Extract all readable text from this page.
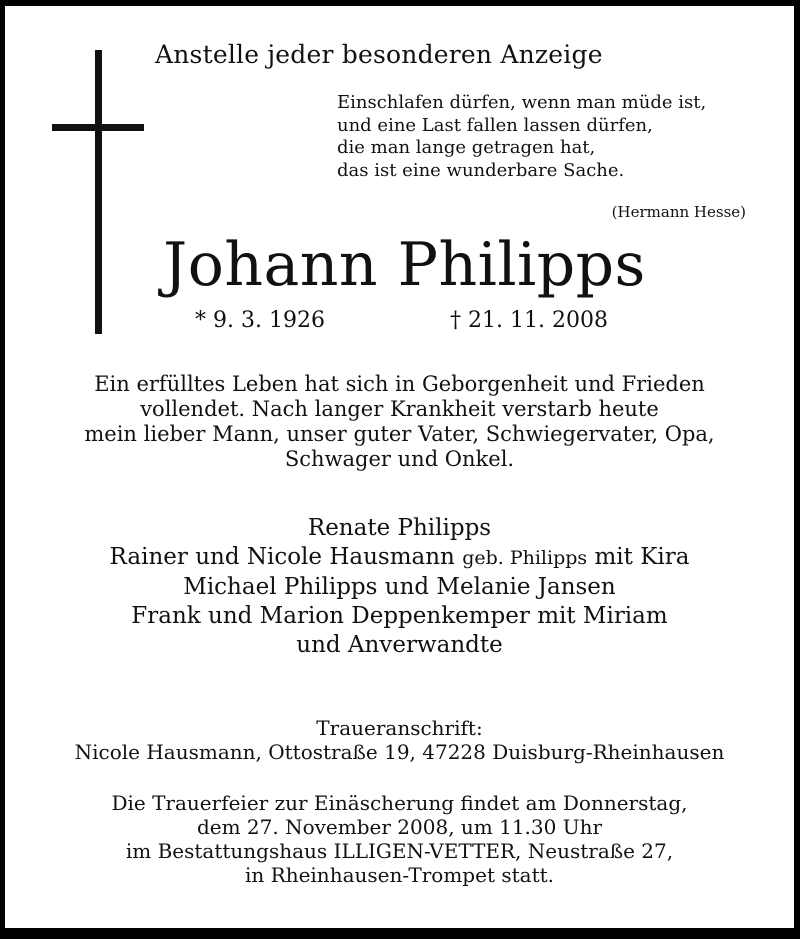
Anstelle jeder besonderen Anzeige
Einschlafen dürfen, wenn man müde ist,
und eine Last fallen lassen dürfen,
die man lange getragen hat,
das ist eine wunderbare Sache.
(Hermann Hesse)
Johann Philipps
* 9. 3. 1926	† 21. 11. 2008
Ein erfülltes Leben hat sich in Geborgenheit und Frieden
vollendet. Nach langer Krankheit verstarb heute
mein lieber Mann, unser guter Vater, Schwiegervater, Opa,
Schwager und Onkel.
Renate Philipps
Rainer und Nicole Hausmann geb. Philipps mit Kira
Michael Philipps und Melanie Jansen
Frank und Marion Deppenkemper mit Miriam
und Anverwandte
Traueranschrift:
Nicole Hausmann, Ottostraße 19, 47228 Duisburg-Rheinhausen
Die Trauerfeier zur Einäscherung findet am Donnerstag,
dem 27. November 2008, um 11.30 Uhr
im Bestattungshaus ILLIGEN-VETTER, Neustraße 27,
in Rheinhausen-Trompet statt.
